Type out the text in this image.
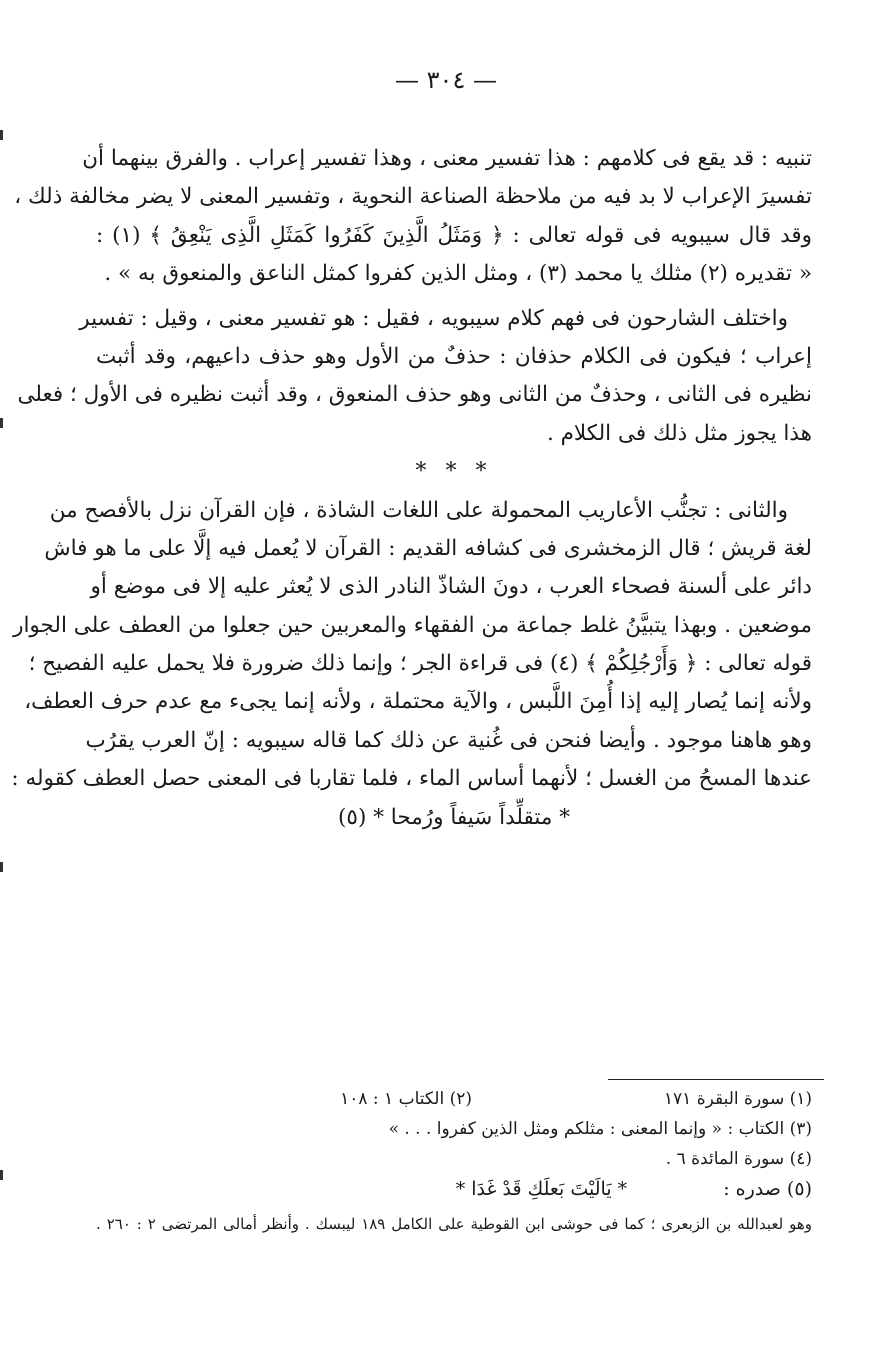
— ٣٠٤ —
تنبيه : قد يقع فى كلامهم : هذا تفسير معنى ، وهذا تفسير إعراب . والفرق بينهما أن
تفسيرَ الإعراب لا بد فيه من ملاحظة الصناعة النحوية ، وتفسير المعنى لا يضر مخالفة ذلك ،
وقد قال سيبويه فى قوله تعالى : ﴿ وَمَثَلُ الَّذِينَ كَفَرُوا كَمَثَلِ الَّذِى يَنْعِقُ ﴾ (١) :
« تقديره (٢) مثلك يا محمد (٣) ، ومثل الذين كفروا كمثل الناعق والمنعوق به » .
واختلف الشارحون فى فهم كلام سيبويه ، فقيل : هو تفسير معنى ، وقيل : تفسير
إعراب ؛ فيكون فى الكلام حذفان : حذفٌ من الأول وهو حذف داعيهم، وقد أثبت
نظيره فى الثانى ، وحذفٌ من الثانى وهو حذف المنعوق ، وقد أثبت نظيره فى الأول ؛ فعلى
هذا يجوز مثل ذلك فى الكلام .
* * *
والثانى : تجنُّب الأعاريب المحمولة على اللغات الشاذة ، فإن القرآن نزل بالأفصح من
لغة قريش ؛ قال الزمخشرى فى كشافه القديم : القرآن لا يُعمل فيه إلَّا على ما هو فاش
دائر على ألسنة فصحاء العرب ، دونَ الشاذّ النادر الذى لا يُعثر عليه إلا فى موضع أو
موضعين . وبهذا يتبيَّنُ غلط جماعة من الفقهاء والمعربين حين جعلوا من العطف على الجوار
قوله تعالى : ﴿ وَأَرْجُلِكُمْ ﴾ (٤) فى قراءة الجر ؛ وإنما ذلك ضرورة فلا يحمل عليه الفصيح ؛
ولأنه إنما يُصار إليه إذا أُمِنَ اللَّبس ، والآية محتملة ، ولأنه إنما يجىء مع عدم حرف العطف،
وهو هاهنا موجود . وأيضا فنحن فى غُنية عن ذلك كما قاله سيبويه : إنّ العرب يقرُب
عندها المسحُ من الغسل ؛ لأنهما أساس الماء ، فلما تقاربا فى المعنى حصل العطف كقوله :
* متقلِّداً سَيفاً ورُمحا * (٥)
(١) سورة البقرة ١٧١
(٢) الكتاب ١ : ١٠٨
(٣) الكتاب : « وإنما المعنى : مثلكم ومثل الذين كفروا . . . »
(٤) سورة المائدة ٦ .
(٥) صدره : * يَالَيْتَ بَعلَكِ قَدْ غَدَا *
وهو لعبدالله بن الزبعرى ؛ كما فى حوشى ابن القوطية على الكامل ١٨٩ ليبسك . وأنظر أمالى المرتضى ٢ : ٢٦٠ .
